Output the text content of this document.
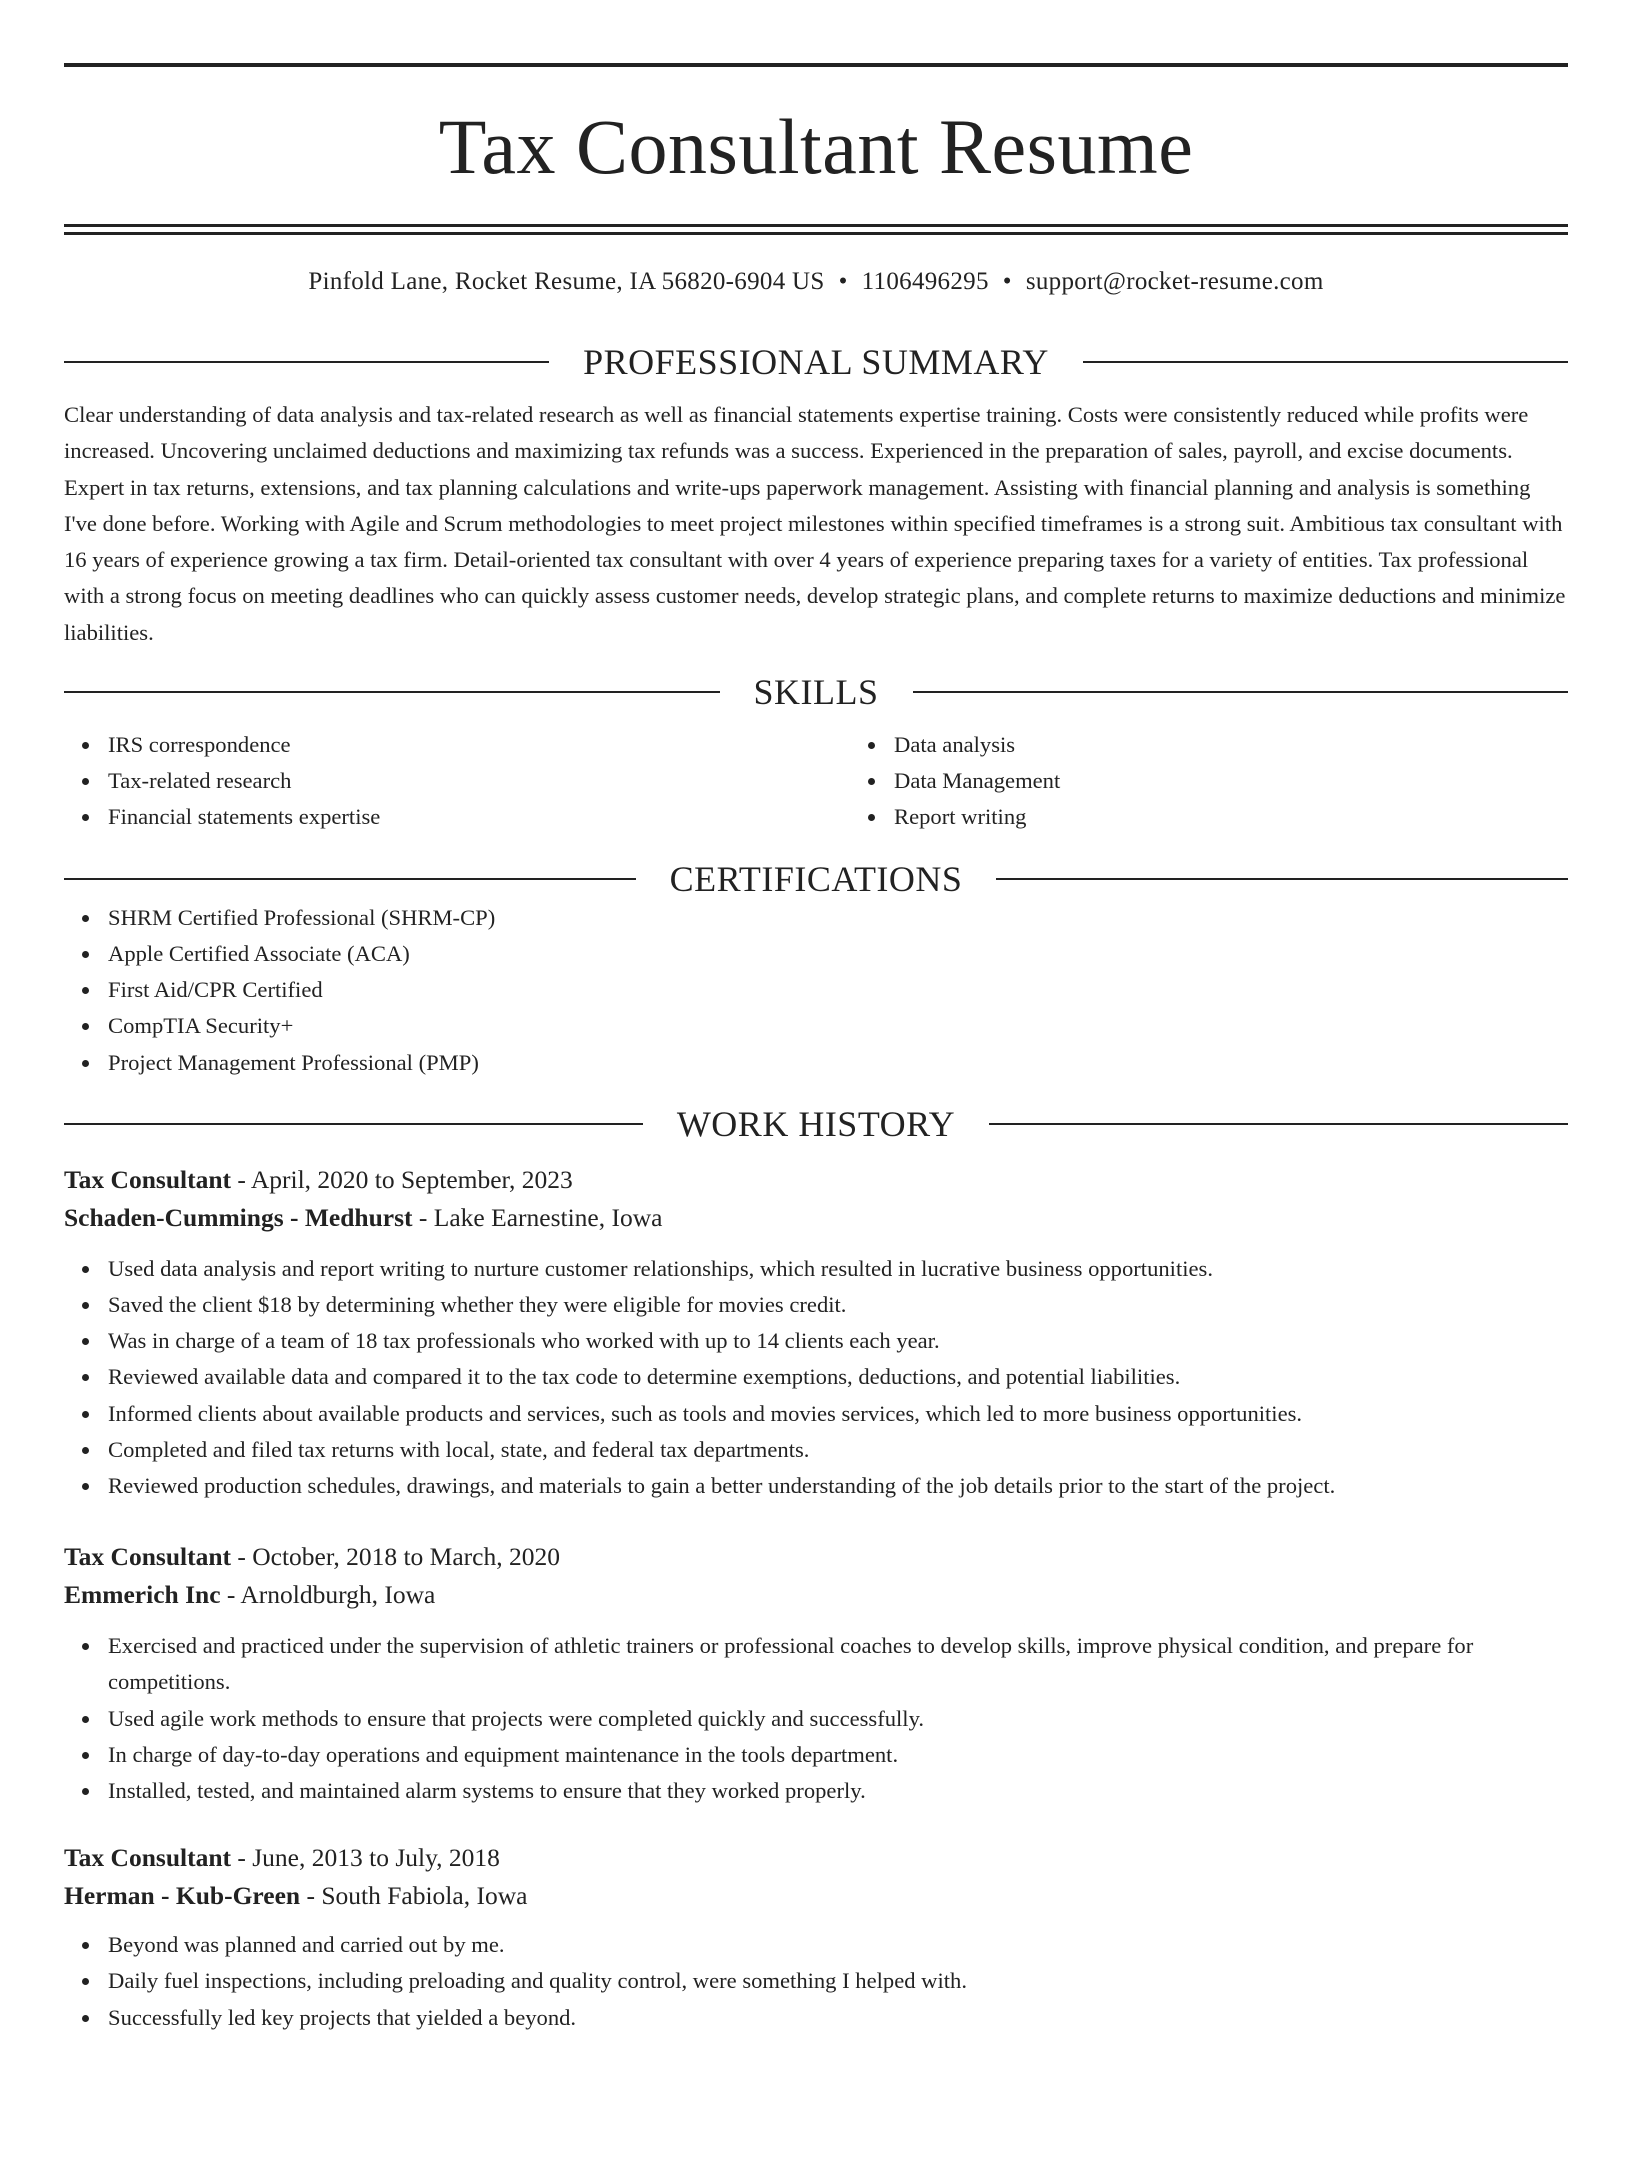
Tax Consultant Resume
Pinfold Lane, Rocket Resume, IA 56820-6904 US • 1106496295 • support@rocket-resume.com
PROFESSIONAL SUMMARY

Clear understanding of data analysis and tax-related research as well as financial statements expertise training. Costs were consistently reduced while profits were increased. Uncovering unclaimed deductions and maximizing tax refunds was a success. Experienced in the preparation of sales, payroll, and excise documents. Expert in tax returns, extensions, and tax planning calculations and write-ups paperwork management. Assisting with financial planning and analysis is something I've done before. Working with Agile and Scrum methodologies to meet project milestones within specified timeframes is a strong suit. Ambitious tax consultant with 16 years of experience growing a tax firm. Detail-oriented tax consultant with over 4 years of experience preparing taxes for a variety of entities. Tax professional with a strong focus on meeting deadlines who can quickly assess customer needs, develop strategic plans, and complete returns to maximize deductions and minimize liabilities.

SKILLS
IRS correspondence
Tax-related research
Financial statements expertise
Data analysis
Data Management
Report writing
CERTIFICATIONS
SHRM Certified Professional (SHRM-CP)
Apple Certified Associate (ACA)
First Aid/CPR Certified
CompTIA Security+
Project Management Professional (PMP)
WORK HISTORY
Tax Consultant - April, 2020 to September, 2023
Schaden-Cummings - Medhurst - Lake Earnestine, Iowa
Used data analysis and report writing to nurture customer relationships, which resulted in lucrative business opportunities.
Saved the client $18 by determining whether they were eligible for movies credit.
Was in charge of a team of 18 tax professionals who worked with up to 14 clients each year.
Reviewed available data and compared it to the tax code to determine exemptions, deductions, and potential liabilities.
Informed clients about available products and services, such as tools and movies services, which led to more business opportunities.
Completed and filed tax returns with local, state, and federal tax departments.
Reviewed production schedules, drawings, and materials to gain a better understanding of the job details prior to the start of the project.
Tax Consultant - October, 2018 to March, 2020
Emmerich Inc - Arnoldburgh, Iowa
Exercised and practiced under the supervision of athletic trainers or professional coaches to develop skills, improve physical condition, and prepare for competitions.
Used agile work methods to ensure that projects were completed quickly and successfully.
In charge of day-to-day operations and equipment maintenance in the tools department.
Installed, tested, and maintained alarm systems to ensure that they worked properly.
Tax Consultant - June, 2013 to July, 2018
Herman - Kub-Green - South Fabiola, Iowa
Beyond was planned and carried out by me.
Daily fuel inspections, including preloading and quality control, were something I helped with.
Successfully led key projects that yielded a beyond.
